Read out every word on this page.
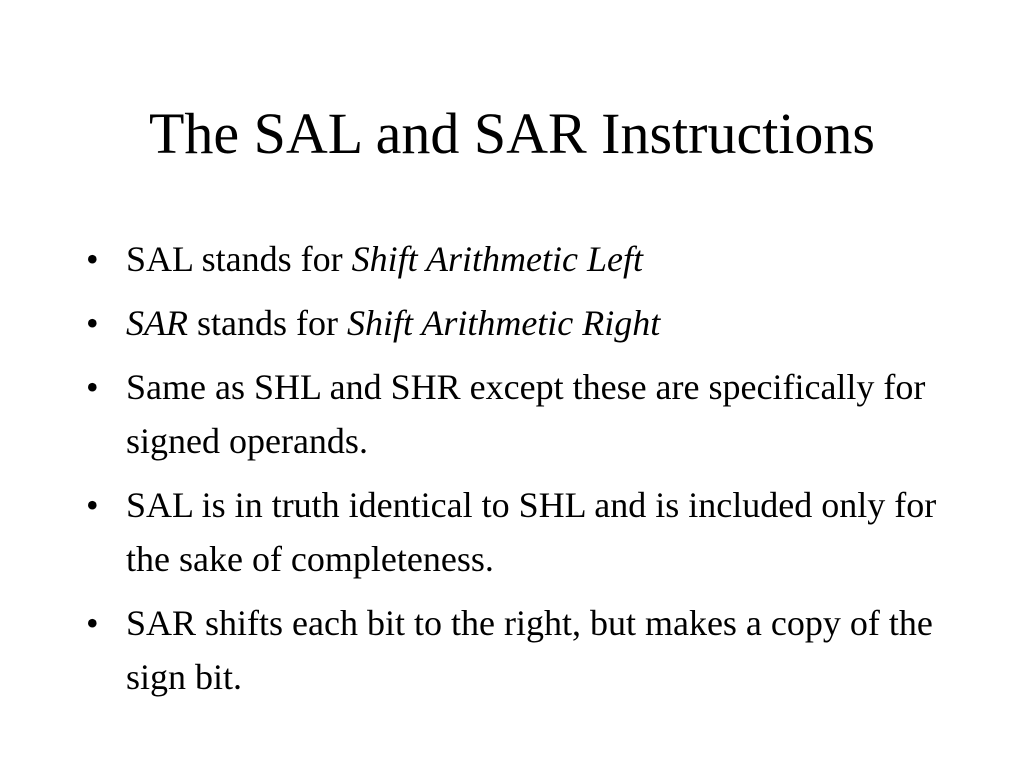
The SAL and SAR Instructions
• SAL stands for Shift Arithmetic Left
• SAR stands for Shift Arithmetic Right
• Same as SHL and SHR except these are specifically for signed operands.
• SAL is in truth identical to SHL and is included only for the sake of completeness.
• SAR shifts each bit to the right, but makes a copy of the sign bit.
